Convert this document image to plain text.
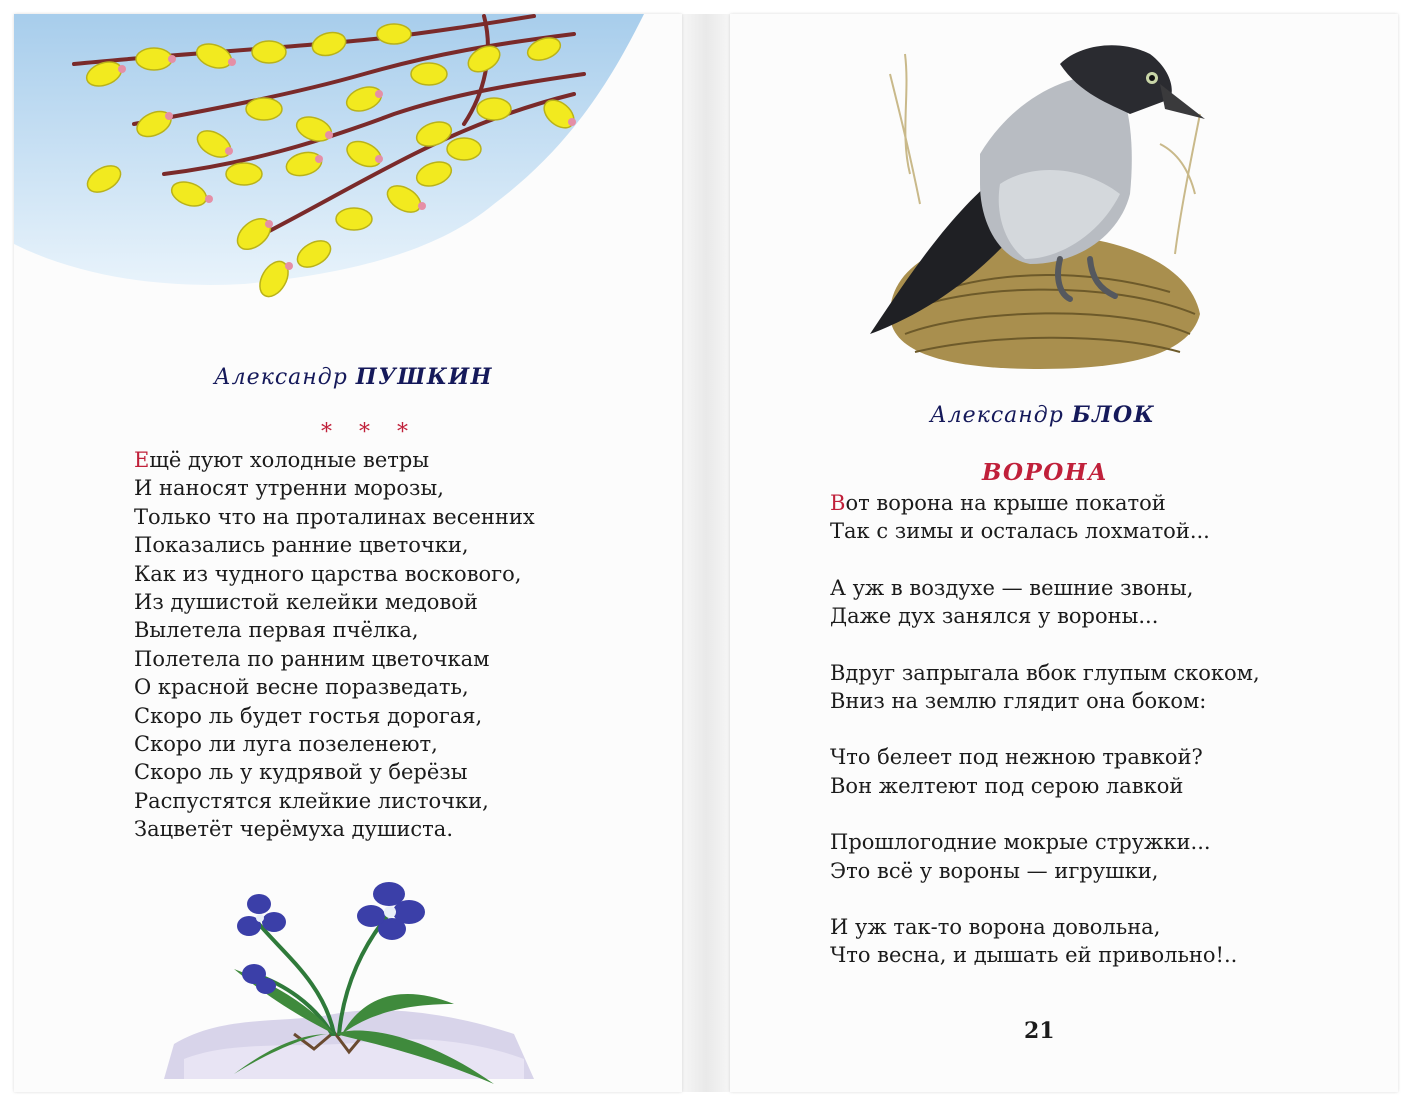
Александр ПУШКИН
* * *
Ещё дуют холодные ветры
И наносят утренни морозы,
Только что на проталинах весенних
Показались ранние цветочки,
Как из чудного царства воскового,
Из душистой келейки медовой
Вылетела первая пчёлка,
Полетела по ранним цветочкам
О красной весне поразведать,
Скоро ль будет гостья дорогая,
Скоро ли луга позеленеют,
Скоро ль у кудрявой у берёзы
Распустятся клейкие листочки,
Зацветёт черёмуха душиста.
Александр БЛОК
ВОРОНА
Вот ворона на крыше покатой
Так с зимы и осталась лохматой...
А уж в воздухе — вешние звоны,
Даже дух занялся у вороны...
Вдруг запрыгала вбок глупым скоком,
Вниз на землю глядит она боком:
Что белеет под нежною травкой?
Вон желтеют под серою лавкой
Прошлогодние мокрые стружки...
Это всё у вороны — игрушки,
И уж так-то ворона довольна,
Что весна, и дышать ей привольно!..
21
